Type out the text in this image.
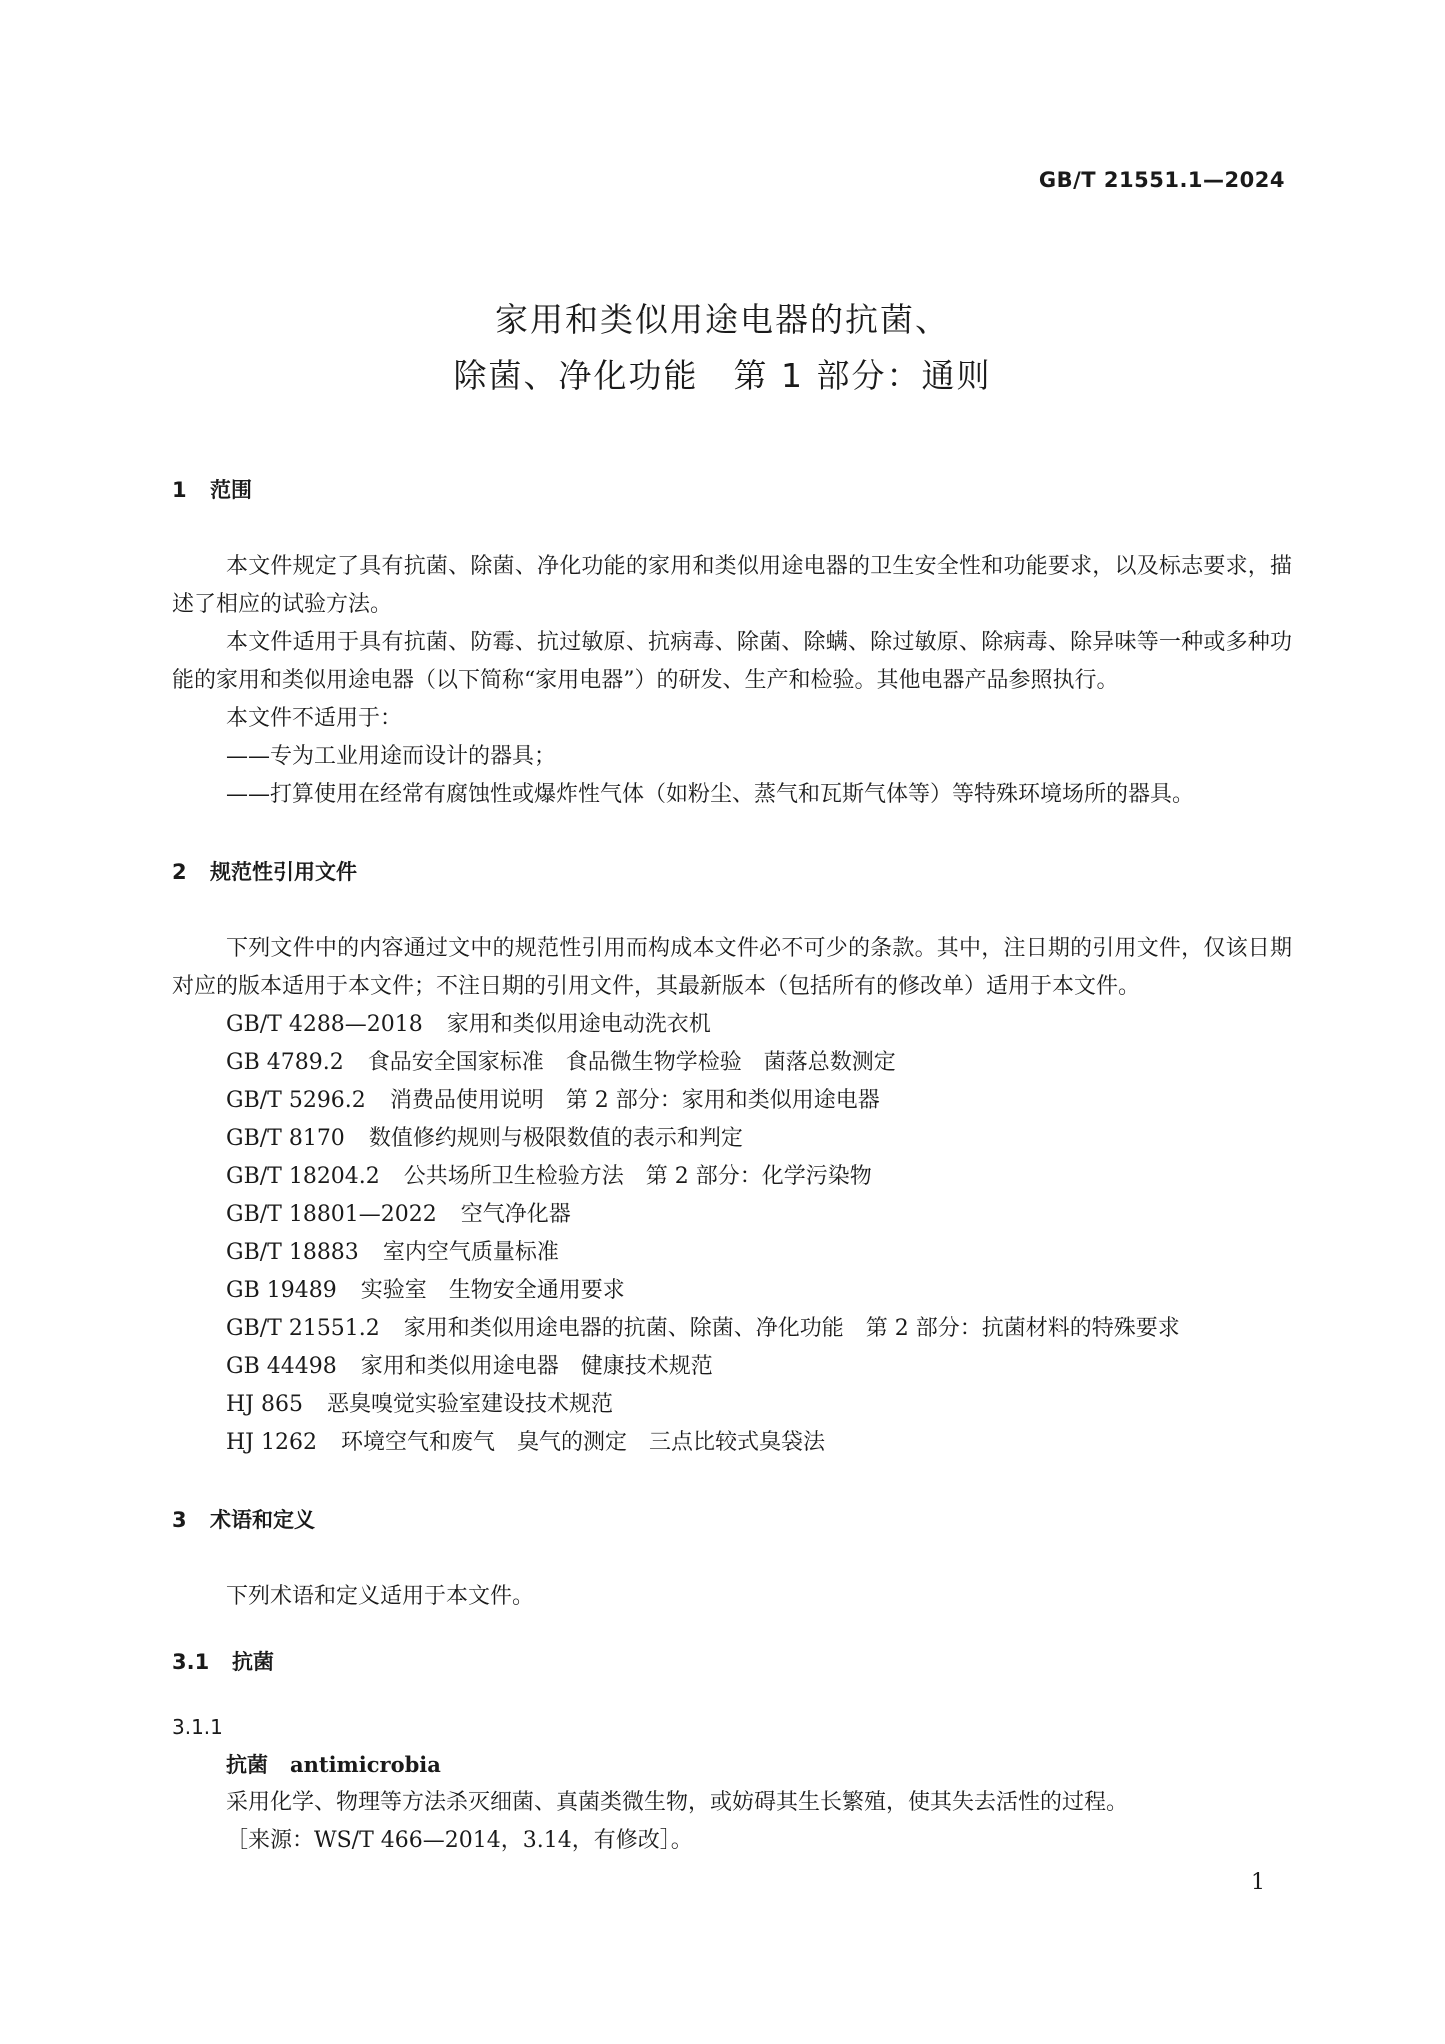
GB/T 21551.1—2024
家用和类似用途电器的抗菌、
除菌、净化功能　第 1 部分：通则
1 范围

本文件规定了具有抗菌、除菌、净化功能的家用和类似用途电器的卫生安全性和功能要求，以及标志要求，描述了相应的试验方法。

本文件适用于具有抗菌、防霉、抗过敏原、抗病毒、除菌、除螨、除过敏原、除病毒、除异味等一种或多种功能的家用和类似用途电器（以下简称“家用电器”）的研发、生产和检验。其他电器产品参照执行。

本文件不适用于：

——专为工业用途而设计的器具；
——打算使用在经常有腐蚀性或爆炸性气体（如粉尘、蒸气和瓦斯气体等）等特殊环境场所的器具。
2 规范性引用文件

下列文件中的内容通过文中的规范性引用而构成本文件必不可少的条款。其中，注日期的引用文件，仅该日期对应的版本适用于本文件；不注日期的引用文件，其最新版本（包括所有的修改单）适用于本文件。

GB/T 4288—2018 家用和类似用途电动洗衣机
GB 4789.2 食品安全国家标准　食品微生物学检验　菌落总数测定
GB/T 5296.2 消费品使用说明　第 2 部分：家用和类似用途电器
GB/T 8170 数值修约规则与极限数值的表示和判定
GB/T 18204.2 公共场所卫生检验方法　第 2 部分：化学污染物
GB/T 18801—2022 空气净化器
GB/T 18883 室内空气质量标准
GB 19489 实验室　生物安全通用要求
GB/T 21551.2 家用和类似用途电器的抗菌、除菌、净化功能　第 2 部分：抗菌材料的特殊要求
GB 44498 家用和类似用途电器　健康技术规范
HJ 865 恶臭嗅觉实验室建设技术规范
HJ 1262 环境空气和废气　臭气的测定　三点比较式臭袋法
3 术语和定义

下列术语和定义适用于本文件。

3.1 抗菌
3.1.1
抗菌 antimicrobia
采用化学、物理等方法杀灭细菌、真菌类微生物，或妨碍其生长繁殖，使其失去活性的过程。
［来源：WS/T 466—2014，3.14，有修改］。
1
